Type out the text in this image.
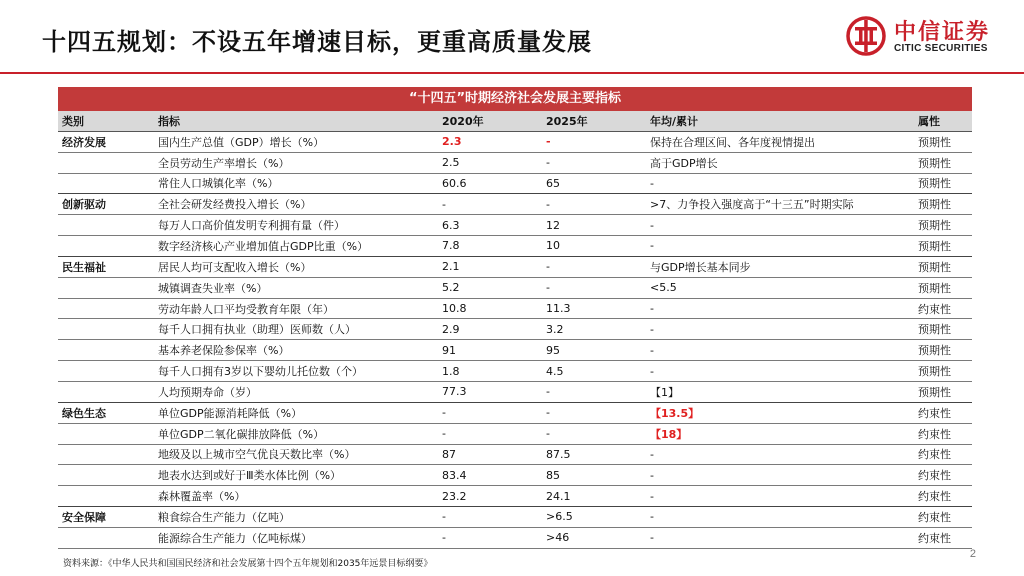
十四五规划：不设五年增速目标，更重高质量发展	中信证券
CITIC SECURITIES
“十四五”时期经济社会发展主要指标
类别	指标	2020年	2025年	年均/累计	属性
经济发展	国内生产总值（GDP）增长（%）	2.3	-	保持在合理区间、各年度视情提出	预期性
	全员劳动生产率增长（%）	2.5	-	高于GDP增长	预期性
	常住人口城镇化率（%）	60.6	65	-	预期性
创新驱动	全社会研发经费投入增长（%）	-	-	>7、力争投入强度高于“十三五”时期实际	预期性
	每万人口高价值发明专利拥有量（件）	6.3	12	-	预期性
	数字经济核心产业增加值占GDP比重（%）	7.8	10	-	预期性
民生福祉	居民人均可支配收入增长（%）	2.1	-	与GDP增长基本同步	预期性
	城镇调查失业率（%）	5.2	-	<5.5	预期性
	劳动年龄人口平均受教育年限（年）	10.8	11.3	-	约束性
	每千人口拥有执业（助理）医师数（人）	2.9	3.2	-	预期性
	基本养老保险参保率（%）	91	95	-	预期性
	每千人口拥有3岁以下婴幼儿托位数（个）	1.8	4.5	-	预期性
	人均预期寿命（岁）	77.3	-	【1】	预期性
绿色生态	单位GDP能源消耗降低（%）	-	-	【13.5】	约束性
	单位GDP二氧化碳排放降低（%）	-	-	【18】	约束性
	地级及以上城市空气优良天数比率（%）	87	87.5	-	约束性
	地表水达到或好于Ⅲ类水体比例（%）	83.4	85	-	约束性
	森林覆盖率（%）	23.2	24.1	-	约束性
安全保障	粮食综合生产能力（亿吨）	-	>6.5	-	约束性
	能源综合生产能力（亿吨标煤）	-	>46	-	约束性
资料来源：《中华人民共和国国民经济和社会发展第十四个五年规划和2035年远景目标纲要》
2
